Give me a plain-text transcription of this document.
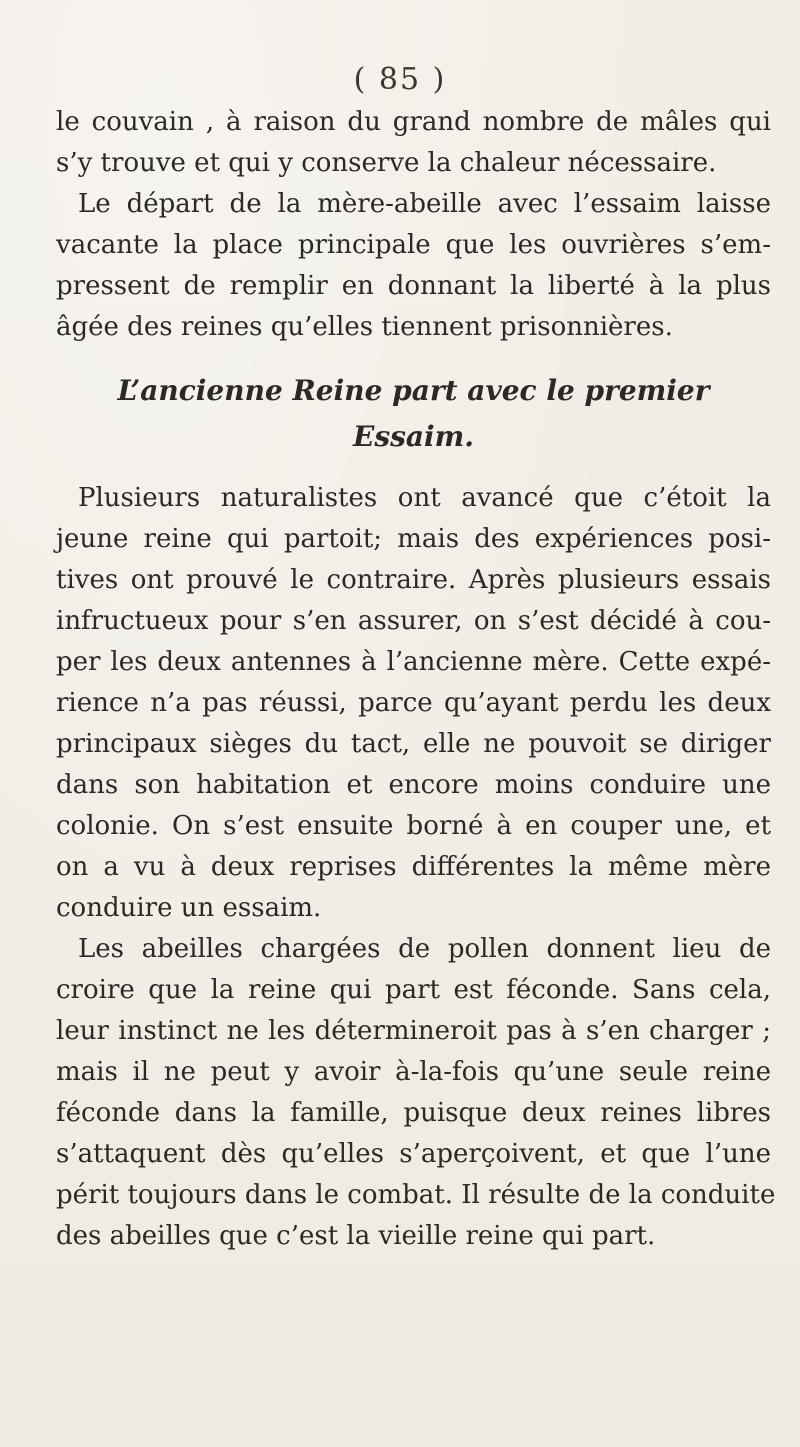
( 85 )

le couvain , à raison du grand nombre de mâles qui
s’y trouve et qui y conserve la chaleur nécessaire.

Le départ de la mère-abeille avec l’essaim laisse
vacante la place principale que les ouvrières s’em-
pressent de remplir en donnant la liberté à la plus
âgée des reines qu’elles tiennent prisonnières.

L’ancienne Reine part avec le premier
Essaim.

Plusieurs naturalistes ont avancé que c’étoit la
jeune reine qui partoit; mais des expériences posi-
tives ont prouvé le contraire. Après plusieurs essais
infructueux pour s’en assurer, on s’est décidé à cou-
per les deux antennes à l’ancienne mère. Cette expé-
rience n’a pas réussi, parce qu’ayant perdu les deux
principaux sièges du tact, elle ne pouvoit se diriger
dans son habitation et encore moins conduire une
colonie. On s’est ensuite borné à en couper une, et
on a vu à deux reprises différentes la même mère
conduire un essaim.

Les abeilles chargées de pollen donnent lieu de
croire que la reine qui part est féconde. Sans cela,
leur instinct ne les détermineroit pas à s’en charger ;
mais il ne peut y avoir à-la-fois qu’une seule reine
féconde dans la famille, puisque deux reines libres
s’attaquent dès qu’elles s’aperçoivent, et que l’une
périt toujours dans le combat. Il résulte de la conduite
des abeilles que c’est la vieille reine qui part.
